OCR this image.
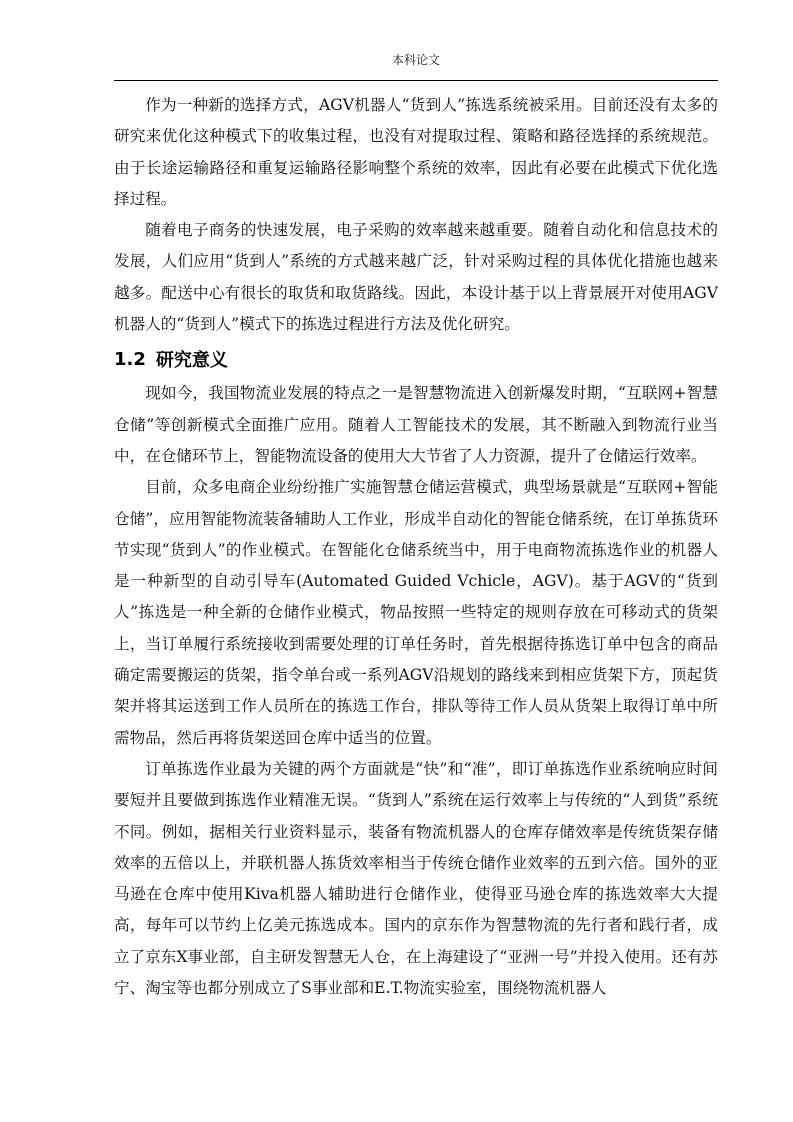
本科论文

作为一种新的选择方式，AGV机器人“货到人”拣选系统被采用。目前还没有太多的研究来优化这种模式下的收集过程，也没有对提取过程、策略和路径选择的系统规范。由于长途运输路径和重复运输路径影响整个系统的效率，因此有必要在此模式下优化选择过程。

随着电子商务的快速发展，电子采购的效率越来越重要。随着自动化和信息技术的发展，人们应用“货到人”系统的方式越来越广泛，针对采购过程的具体优化措施也越来越多。配送中心有很长的取货和取货路线。因此，本设计基于以上背景展开对使用AGV机器人的“货到人”模式下的拣选过程进行方法及优化研究。

1.2 研究意义

现如今，我国物流业发展的特点之一是智慧物流进入创新爆发时期，“互联网+智慧仓储”等创新模式全面推广应用。随着人工智能技术的发展，其不断融入到物流行业当中，在仓储环节上，智能物流设备的使用大大节省了人力资源，提升了仓储运行效率。

目前，众多电商企业纷纷推广实施智慧仓储运营模式，典型场景就是“互联网+智能仓储”，应用智能物流装备辅助人工作业，形成半自动化的智能仓储系统，在订单拣货环节实现“货到人”的作业模式。在智能化仓储系统当中，用于电商物流拣选作业的机器人是一种新型的自动引导车(Automated Guided Vchicle，AGV)。基于AGV的“货到人”拣选是一种全新的仓储作业模式，物品按照一些特定的规则存放在可移动式的货架上，当订单履行系统接收到需要处理的订单任务时，首先根据待拣选订单中包含的商品确定需要搬运的货架，指令单台或一系列AGV沿规划的路线来到相应货架下方，顶起货架并将其运送到工作人员所在的拣选工作台，排队等待工作人员从货架上取得订单中所需物品，然后再将货架送回仓库中适当的位置。

订单拣选作业最为关键的两个方面就是“快”和“准”，即订单拣选作业系统响应时间要短并且要做到拣选作业精准无误。“货到人”系统在运行效率上与传统的“人到货”系统不同。例如，据相关行业资料显示，装备有物流机器人的仓库存储效率是传统货架存储效率的五倍以上，并联机器人拣货效率相当于传统仓储作业效率的五到六倍。国外的亚马逊在仓库中使用Kiva机器人辅助进行仓储作业，使得亚马逊仓库的拣选效率大大提高，每年可以节约上亿美元拣选成本。国内的京东作为智慧物流的先行者和践行者，成立了京东X事业部，自主研发智慧无人仓，在上海建设了“亚洲一号”并投入使用。还有苏宁、淘宝等也都分别成立了S事业部和E.T.物流实验室，围绕物流机器人
